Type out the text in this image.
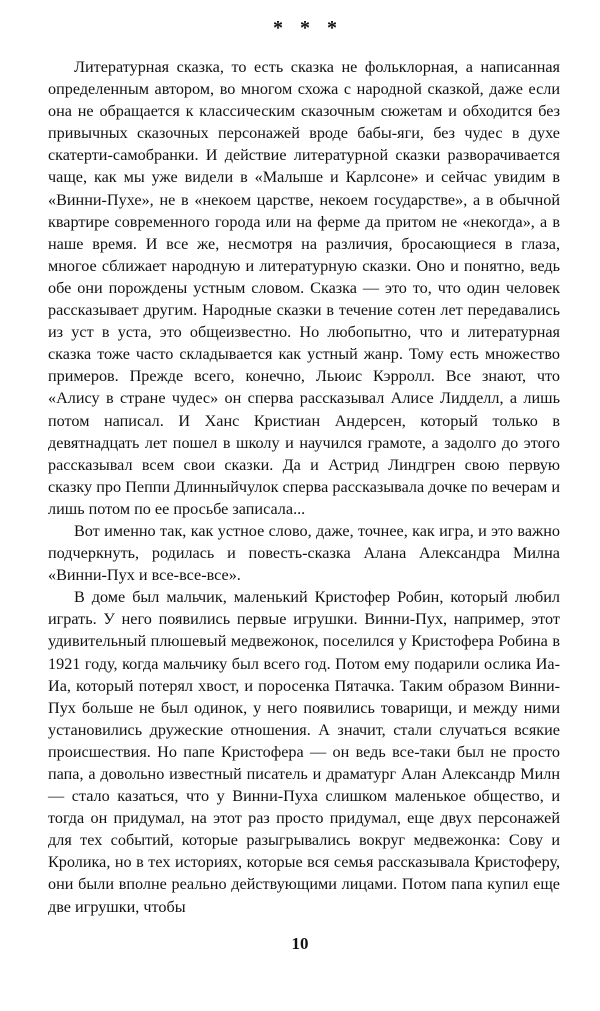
* * *

Литературная сказка, то есть сказка не фольклорная, а написанная определенным автором, во многом схожа с народной сказкой, даже если она не обращается к классическим сказочным сюжетам и обходится без привычных сказочных персонажей вроде бабы-яги, без чудес в духе скатерти-самобранки. И действие литературной сказки разворачивается чаще, как мы уже видели в «Малыше и Карлсоне» и сейчас увидим в «Винни-Пухе», не в «некоем царстве, некоем государстве», а в обычной квартире современного города или на ферме да притом не «некогда», а в наше время. И все же, несмотря на различия, бросающиеся в глаза, многое сближает народную и литературную сказки. Оно и понятно, ведь обе они порождены устным словом. Сказка — это то, что один человек рассказывает другим. Народные сказки в течение сотен лет передавались из уст в уста, это общеизвестно. Но любопытно, что и литературная сказка тоже часто складывается как устный жанр. Тому есть множество примеров. Прежде всего, конечно, Льюис Кэрролл. Все знают, что «Алису в стране чудес» он сперва рассказывал Алисе Лидделл, а лишь потом написал. И Ханс Кристиан Андерсен, который только в девятнадцать лет пошел в школу и научился грамоте, а задолго до этого рассказывал всем свои сказки. Да и Астрид Линдгрен свою первую сказку про Пеппи Длинныйчулок сперва рассказывала дочке по вечерам и лишь потом по ее просьбе записала...

Вот именно так, как устное слово, даже, точнее, как игра, и это важно подчеркнуть, родилась и повесть-сказка Алана Александра Милна «Винни-Пух и все-все-все».

В доме был мальчик, маленький Кристофер Робин, который любил играть. У него появились первые игрушки. Винни-Пух, например, этот удивительный плюшевый медвежонок, поселился у Кристофера Робина в 1921 году, когда мальчику был всего год. Потом ему подарили ослика Иа-Иа, который потерял хвост, и поросенка Пятачка. Таким образом Винни-Пух больше не был одинок, у него появились товарищи, и между ними установились дружеские отношения. А значит, стали случаться всякие происшествия. Но папе Кристофера — он ведь все-таки был не просто папа, а довольно известный писатель и драматург Алан Александр Милн — стало казаться, что у Винни-Пуха слишком маленькое общество, и тогда он придумал, на этот раз просто придумал, еще двух персонажей для тех событий, которые разыгрывались вокруг медвежонка: Сову и Кролика, но в тех историях, которые вся семья рассказывала Кристоферу, они были вполне реально действующими лицами. Потом папа купил еще две игрушки, чтобы

10
